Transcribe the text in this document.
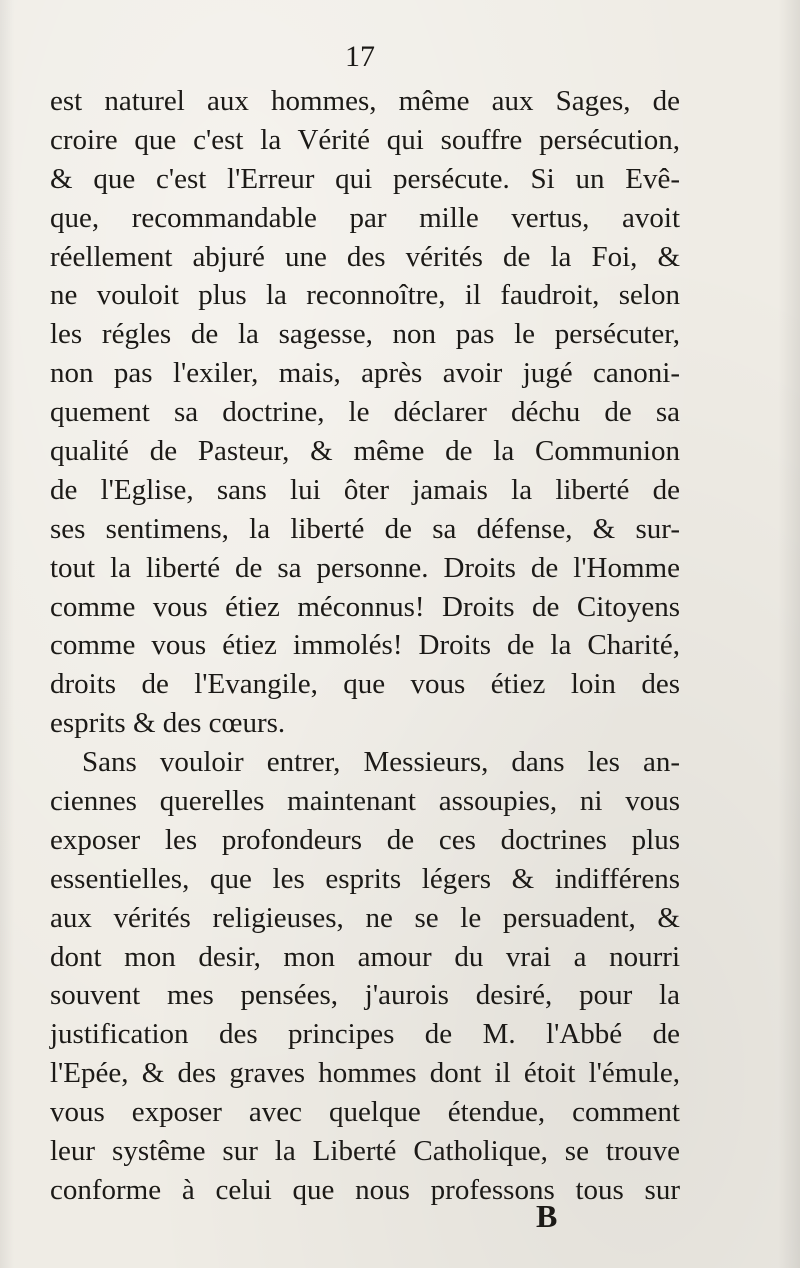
17
est naturel aux hommes, même aux Sages, de
croire que c'est la Vérité qui souffre persécution,
& que c'est l'Erreur qui persécute. Si un Evê-
que, recommandable par mille vertus, avoit
réellement abjuré une des vérités de la Foi, &
ne vouloit plus la reconnoître, il faudroit, selon
les régles de la sagesse, non pas le persécuter,
non pas l'exiler, mais, après avoir jugé canoni-
quement sa doctrine, le déclarer déchu de sa
qualité de Pasteur, & même de la Communion
de l'Eglise, sans lui ôter jamais la liberté de
ses sentimens, la liberté de sa défense, & sur-
tout la liberté de sa personne. Droits de l'Homme
comme vous étiez méconnus! Droits de Citoyens
comme vous étiez immolés! Droits de la Charité,
droits de l'Evangile, que vous étiez loin des
esprits & des cœurs.
Sans vouloir entrer, Messieurs, dans les an-
ciennes querelles maintenant assoupies, ni vous
exposer les profondeurs de ces doctrines plus
essentielles, que les esprits légers & indifférens
aux vérités religieuses, ne se le persuadent, &
dont mon desir, mon amour du vrai a nourri
souvent mes pensées, j'aurois desiré, pour la
justification des principes de M. l'Abbé de
l'Epée, & des graves hommes dont il étoit l'émule,
vous exposer avec quelque étendue, comment
leur systême sur la Liberté Catholique, se trouve
conforme à celui que nous professons tous sur
B
